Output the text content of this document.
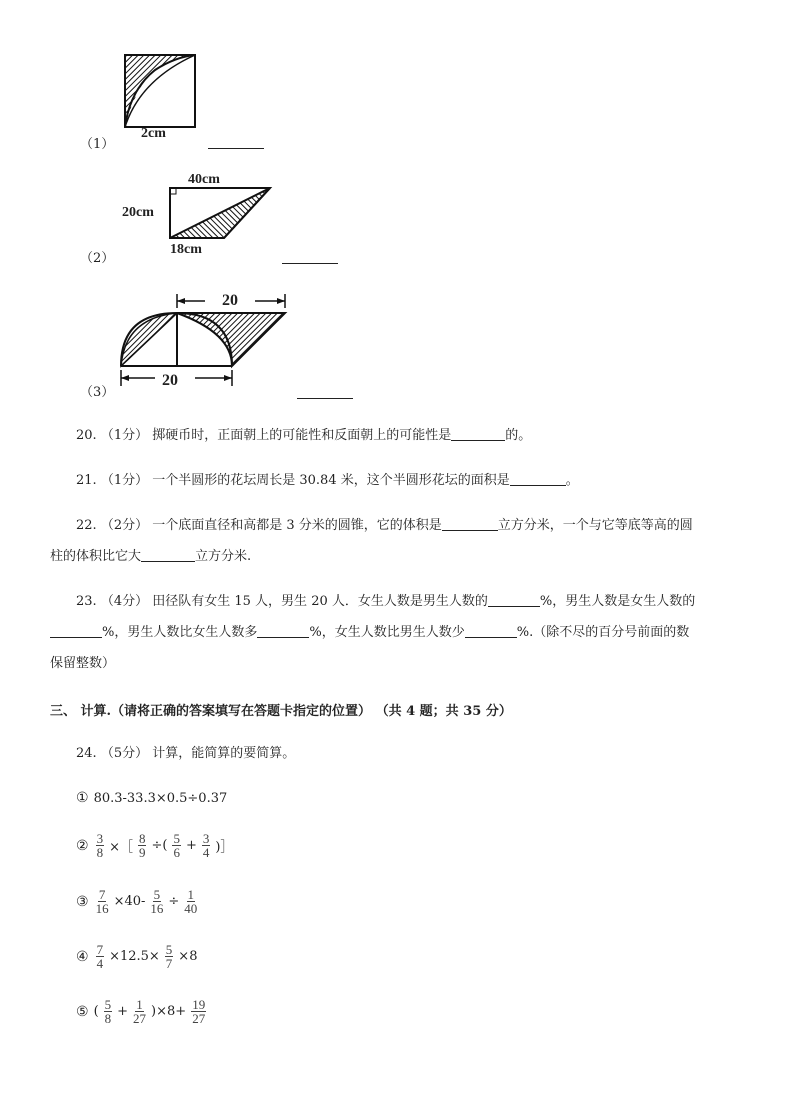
2cm
（1）
40cm
20cm
18cm
（2）
20
20
（3）
20. （1分） 掷硬币时，正面朝上的可能性和反面朝上的可能性是	的。
21. （1分） 一个半圆形的花坛周长是 30.84 米，这个半圆形花坛的面积是	。
22. （2分） 一个底面直径和高都是 3 分米的圆锥，它的体积是	立方分米，一个与它等底等高的圆
柱的体积比它大	立方分米.
23. （4分） 田径队有女生 15 人，男生 20 人．女生人数是男生人数的	%，男生人数是女生人数的
%，男生人数比女生人数多	%，女生人数比男生人数少	%.（除不尽的百分号前面的数
保留整数）
三、 计算.（请将正确的答案填写在答题卡指定的位置） （共 4 题；共 35 分）
24. （5分） 计算，能简算的要简算。
① 80.3-33.3×0.5÷0.37
② $\frac{3}{8}$ ×［ $\frac{8}{9}$ ÷( $\frac{5}{6} + \frac{3}{4}$ )］
③ $\frac{7}{16} \times 40- \frac{5}{16} \div \frac{1}{40}$
④ $\frac{7}{4} \times 12.5\times \frac{5}{7} \times 8$
⑤ ( $\frac{5}{8} + \frac{1}{27} )\times 8+ \frac{19}{27}$
